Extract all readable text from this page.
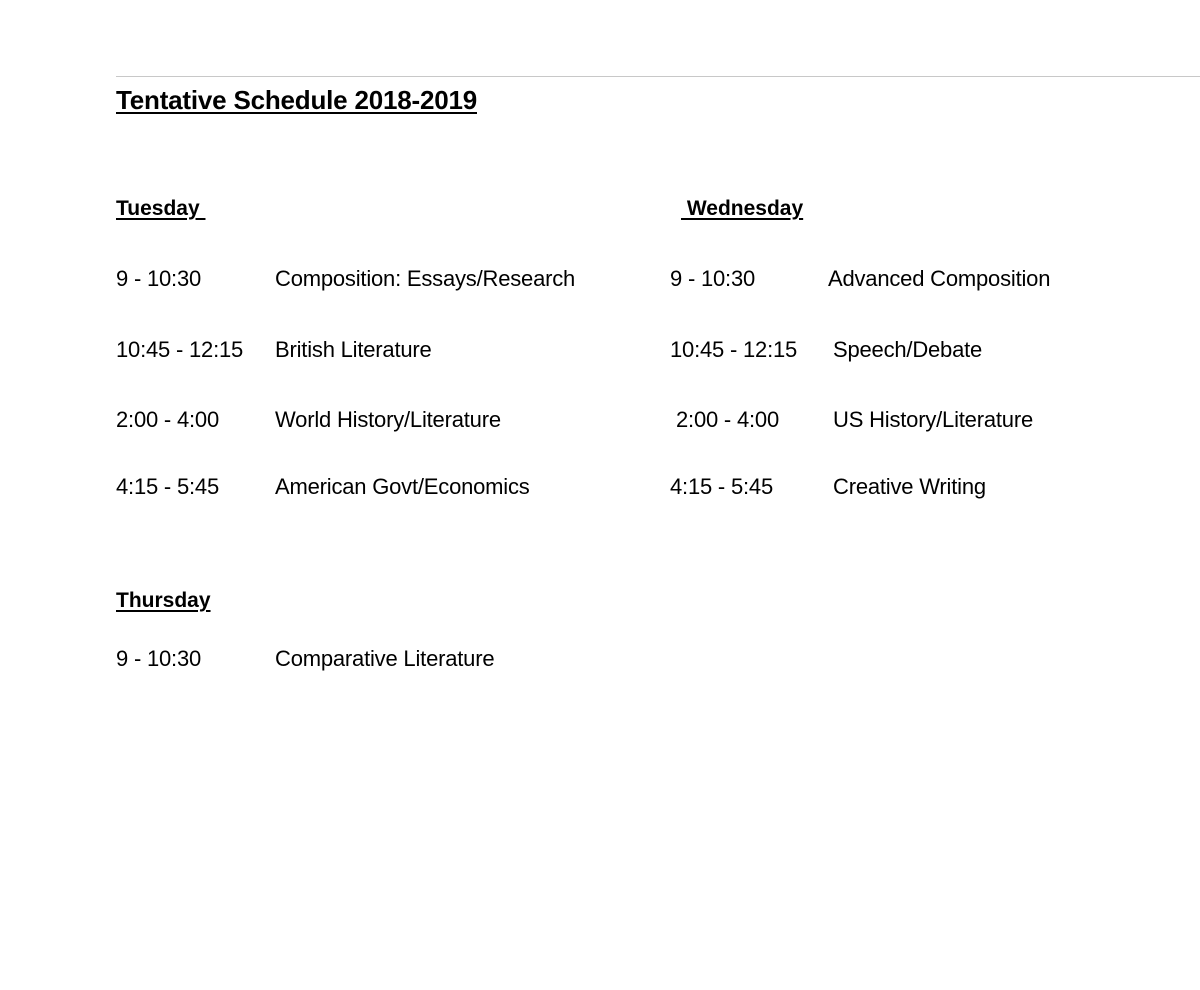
Tentative Schedule 2018-2019
Tuesday
9 - 10:30	Composition: Essays/Research
10:45 - 12:15 British Literature
2:00 - 4:00	World History/Literature
4:15 - 5:45	American Govt/Economics
Wednesday
9 - 10:30	Advanced Composition
10:45 - 12:15 Speech/Debate
2:00 - 4:00 US History/Literature
4:15 - 5:45	Creative Writing
Thursday
9 - 10:30	Comparative Literature
